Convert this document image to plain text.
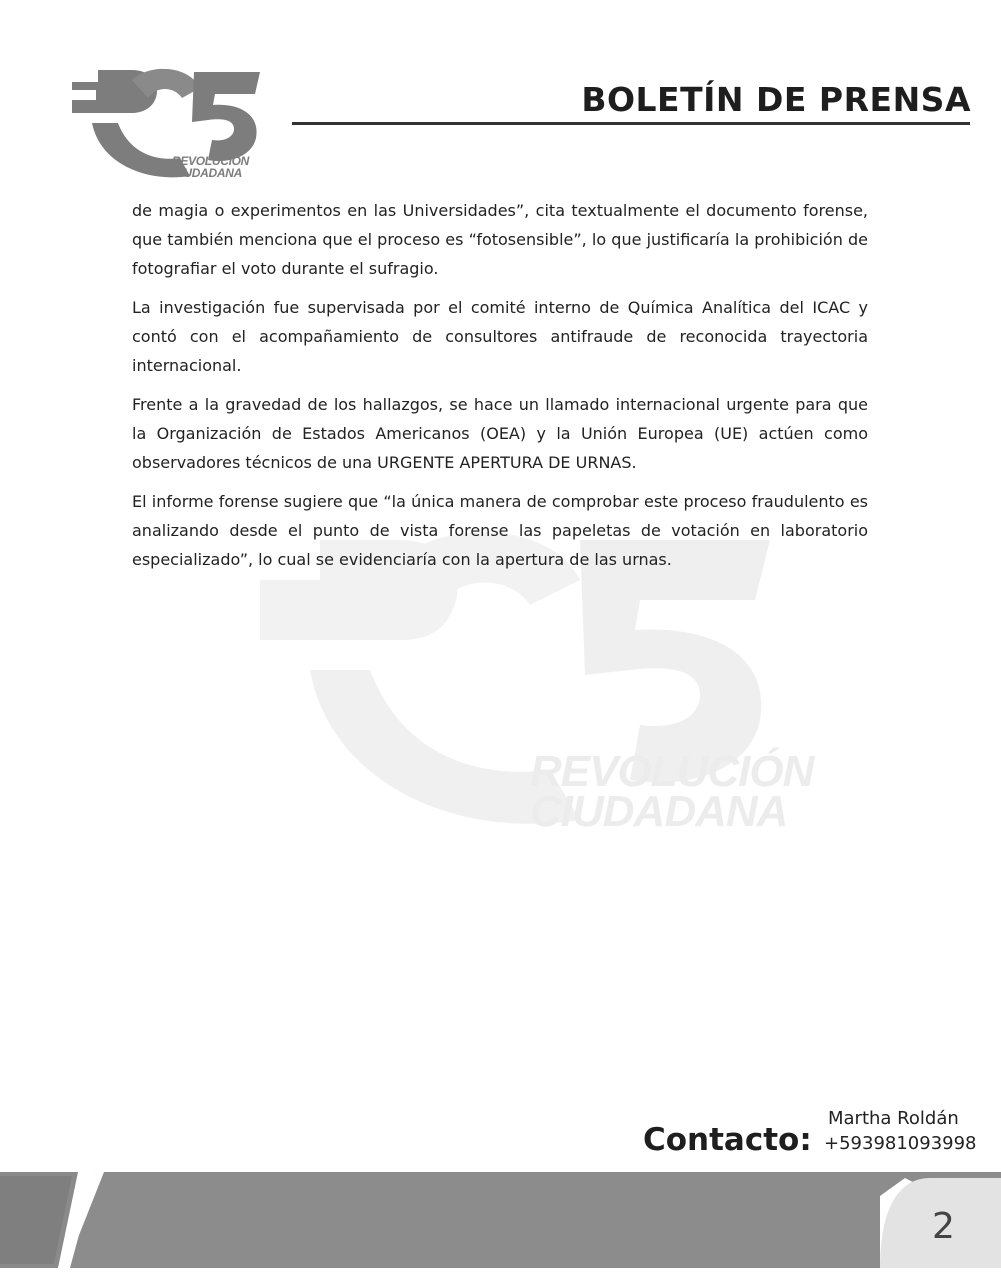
REVOLUCIÓN
CIUDADANA
REVOLUCIÓN
CIUDADANA
BOLETÍN DE PRENSA

de magia o experimentos en las Universidades”, cita textualmente el documento forense, que también menciona que el proceso es “fotosensible”, lo que justificaría la prohibición de fotografiar el voto durante el sufragio.

La investigación fue supervisada por el comité interno de Química Analítica del ICAC y contó con el acompañamiento de consultores antifraude de reconocida trayectoria internacional.

Frente a la gravedad de los hallazgos, se hace un llamado internacional urgente para que la Organización de Estados Americanos (OEA) y la Unión Europea (UE) actúen como observadores técnicos de una URGENTE APERTURA DE URNAS.

El informe forense sugiere que “la única manera de comprobar este proceso fraudulento es analizando desde el punto de vista forense las papeletas de votación en laboratorio especializado”, lo cual se evidenciaría con la apertura de las urnas.

Contacto:
Martha Roldán
+593981093998
2
